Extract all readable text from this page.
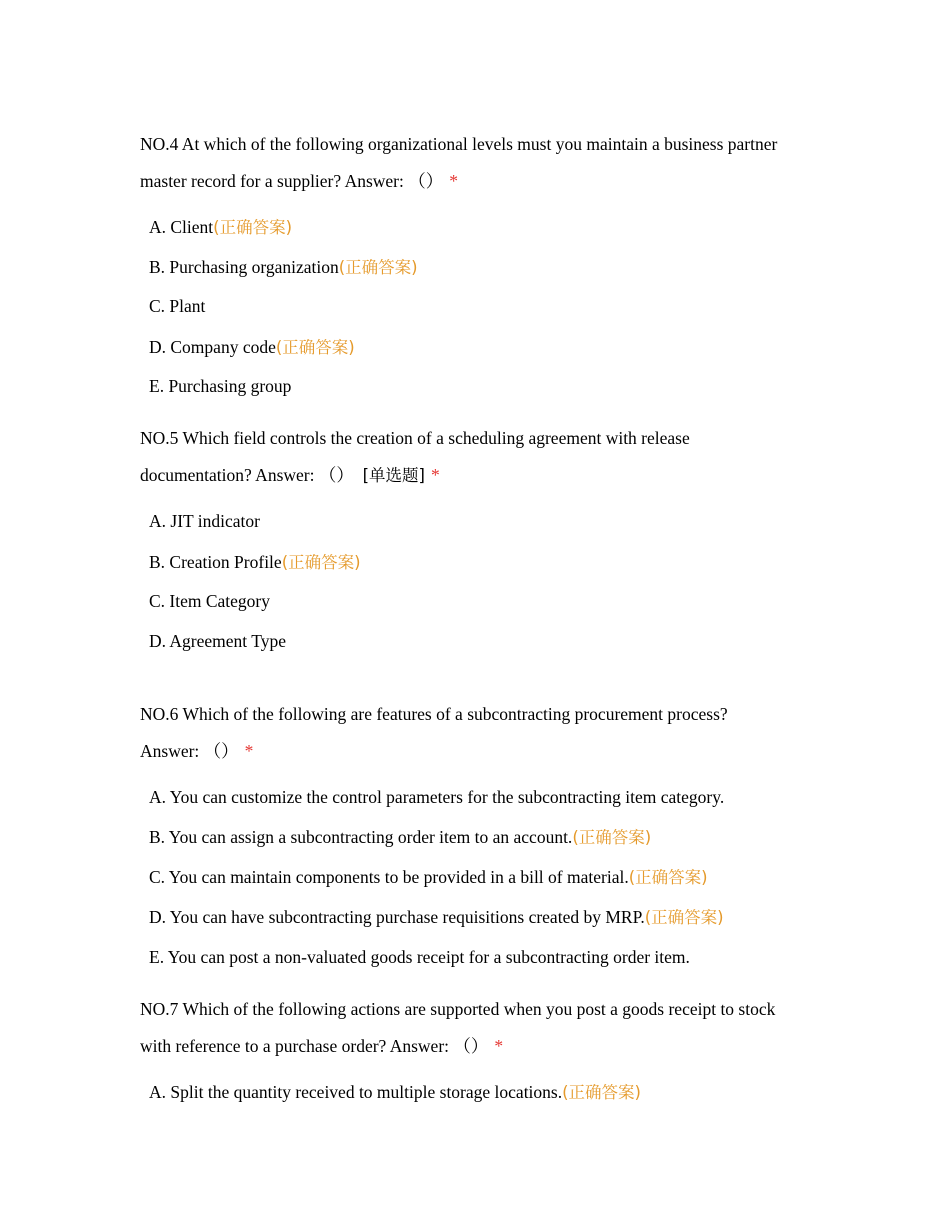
NO.4 At which of the following organizational levels must you maintain a business partner master record for a supplier? Answer: （） *
A. Client(正确答案)
B. Purchasing organization(正确答案)
C. Plant
D. Company code(正确答案)
E. Purchasing group
NO.5 Which field controls the creation of a scheduling agreement with release documentation? Answer: （） [单选题] *
A. JIT indicator
B. Creation Profile(正确答案)
C. Item Category
D. Agreement Type
NO.6 Which of the following are features of a subcontracting procurement process? Answer: （） *
A. You can customize the control parameters for the subcontracting item category.
B. You can assign a subcontracting order item to an account.(正确答案)
C. You can maintain components to be provided in a bill of material.(正确答案)
D. You can have subcontracting purchase requisitions created by MRP.(正确答案)
E. You can post a non-valuated goods receipt for a subcontracting order item.
NO.7 Which of the following actions are supported when you post a goods receipt to stock with reference to a purchase order? Answer: （） *
A. Split the quantity received to multiple storage locations.(正确答案)
